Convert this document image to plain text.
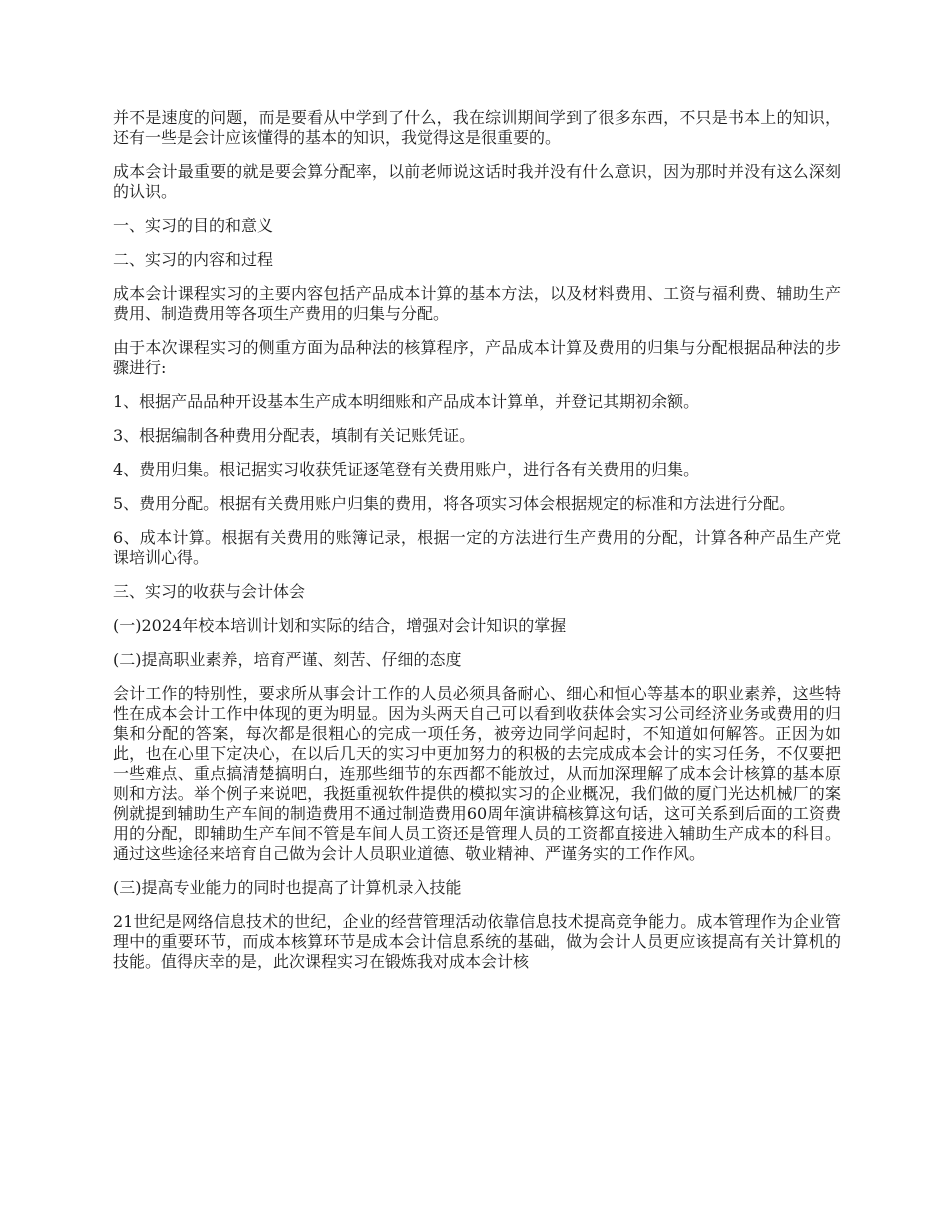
并不是速度的问题，而是要看从中学到了什么，我在综训期间学到了很多东西，不只是书本上的知识，还有一些是会计应该懂得的基本的知识，我觉得这是很重要的。

成本会计最重要的就是要会算分配率，以前老师说这话时我并没有什么意识，因为那时并没有这么深刻的认识。

一、实习的目的和意义

二、实习的内容和过程

成本会计课程实习的主要内容包括产品成本计算的基本方法，以及材料费用、工资与福利费、辅助生产费用、制造费用等各项生产费用的归集与分配。

由于本次课程实习的侧重方面为品种法的核算程序，产品成本计算及费用的归集与分配根据品种法的步骤进行:

1、根据产品品种开设基本生产成本明细账和产品成本计算单，并登记其期初余额。

3、根据编制各种费用分配表，填制有关记账凭证。

4、费用归集。根记据实习收获凭证逐笔登有关费用账户，进行各有关费用的归集。

5、费用分配。根据有关费用账户归集的费用，将各项实习体会根据规定的标准和方法进行分配。

6、成本计算。根据有关费用的账簿记录，根据一定的方法进行生产费用的分配，计算各种产品生产党课培训心得。

三、实习的收获与会计体会

(一)2024年校本培训计划和实际的结合，增强对会计知识的掌握

(二)提高职业素养，培育严谨、刻苦、仔细的态度

会计工作的特别性，要求所从事会计工作的人员必须具备耐心、细心和恒心等基本的职业素养，这些特性在成本会计工作中体现的更为明显。因为头两天自己可以看到收获体会实习公司经济业务或费用的归集和分配的答案，每次都是很粗心的完成一项任务，被旁边同学问起时，不知道如何解答。正因为如此，也在心里下定决心，在以后几天的实习中更加努力的积极的去完成成本会计的实习任务，不仅要把一些难点、重点搞清楚搞明白，连那些细节的东西都不能放过，从而加深理解了成本会计核算的基本原则和方法。举个例子来说吧，我挺重视软件提供的模拟实习的企业概况，我们做的厦门光达机械厂的案例就提到辅助生产车间的制造费用不通过制造费用60周年演讲稿核算这句话，这可关系到后面的工资费用的分配，即辅助生产车间不管是车间人员工资还是管理人员的工资都直接进入辅助生产成本的科目。通过这些途径来培育自己做为会计人员职业道德、敬业精神、严谨务实的工作作风。

(三)提高专业能力的同时也提高了计算机录入技能

21世纪是网络信息技术的世纪，企业的经营管理活动依靠信息技术提高竞争能力。成本管理作为企业管理中的重要环节，而成本核算环节是成本会计信息系统的基础，做为会计人员更应该提高有关计算机的技能。值得庆幸的是，此次课程实习在锻炼我对成本会计核
